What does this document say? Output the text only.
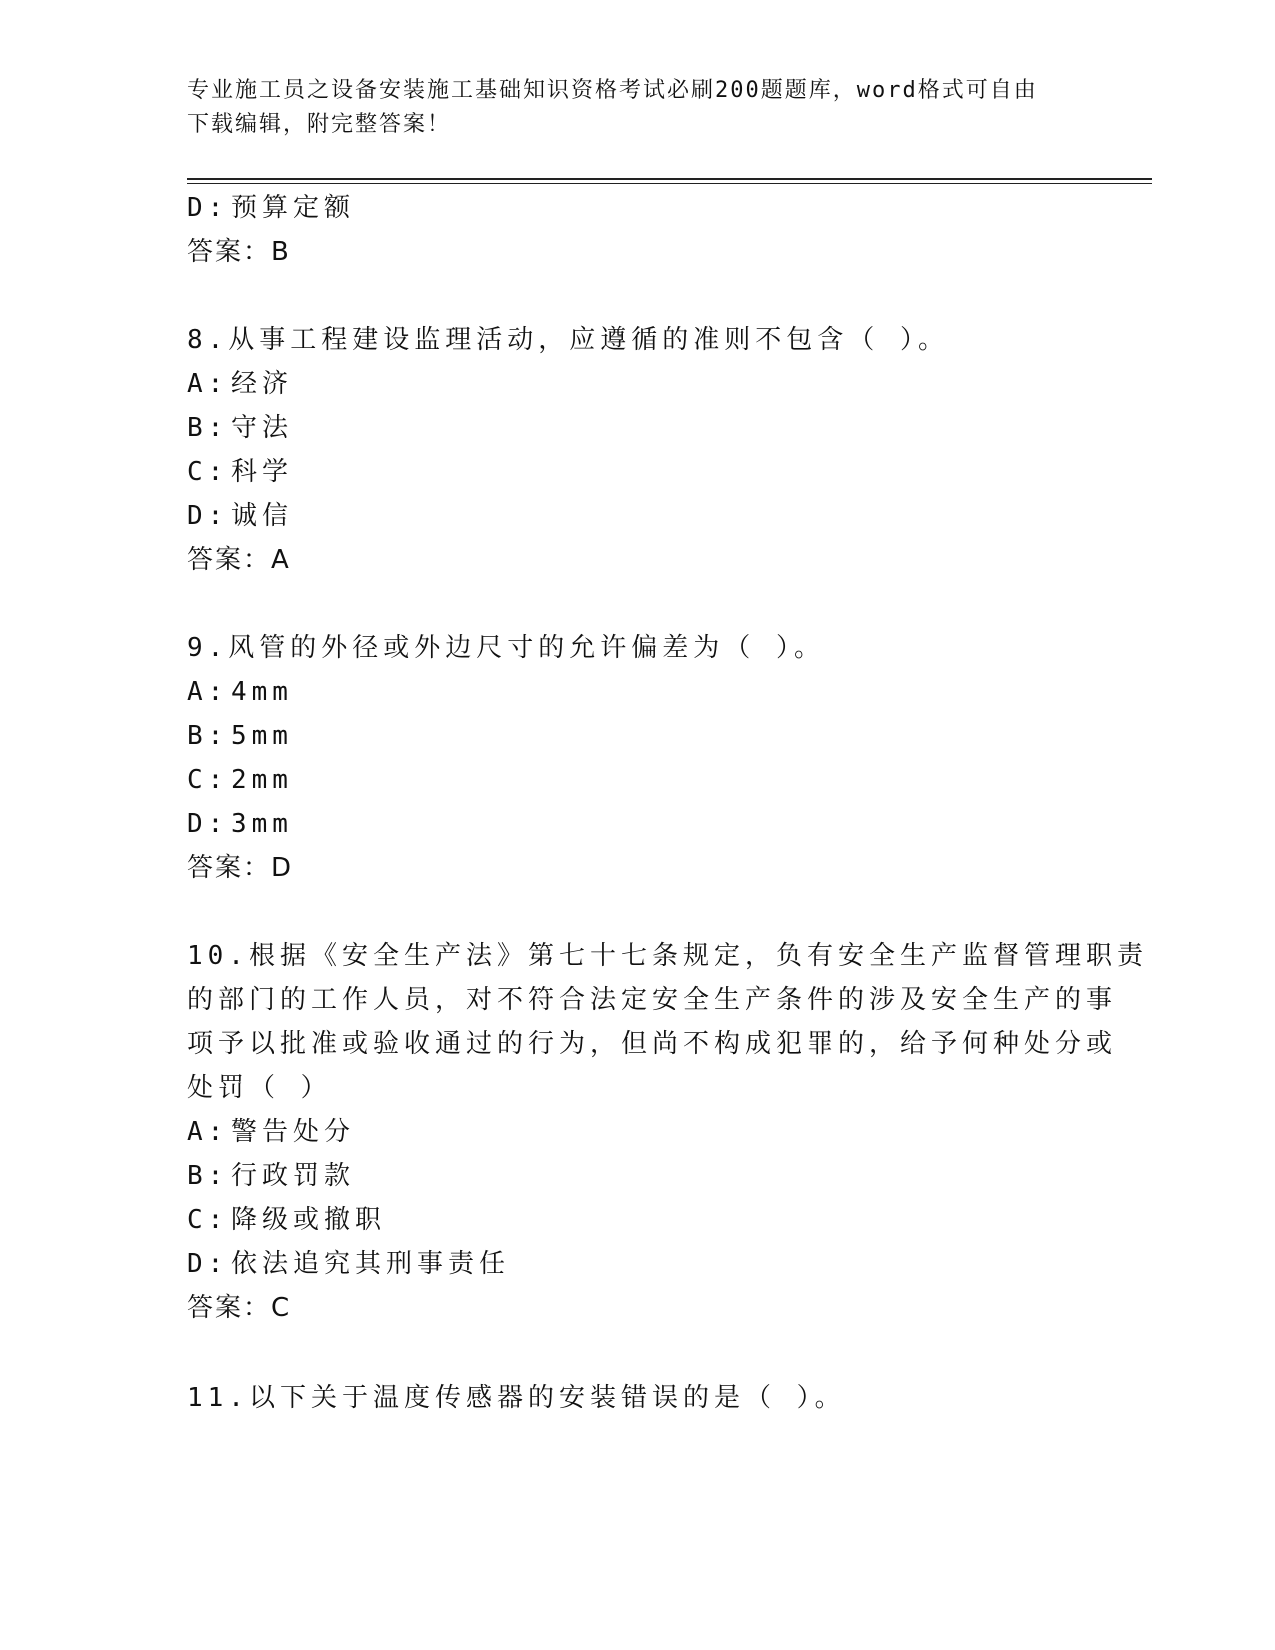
专业施工员之设备安装施工基础知识资格考试必刷200题题库，word格式可自由
下载编辑，附完整答案！
D: 预算定额
答案：B
8.从事工程建设监理活动，应遵循的准则不包含（ ）。
A: 经济
B: 守法
C: 科学
D: 诚信
答案：A
9.风管的外径或外边尺寸的允许偏差为（ ）。
A: 4mm
B: 5mm
C: 2mm
D: 3mm
答案：D
10.根据《安全生产法》第七十七条规定，负有安全生产监督管理职责
的部门的工作人员，对不符合法定安全生产条件的涉及安全生产的事
项予以批准或验收通过的行为，但尚不构成犯罪的，给予何种处分或
处罚（ ）
A: 警告处分
B: 行政罚款
C: 降级或撤职
D: 依法追究其刑事责任
答案：C
11.以下关于温度传感器的安装错误的是（ ）。
